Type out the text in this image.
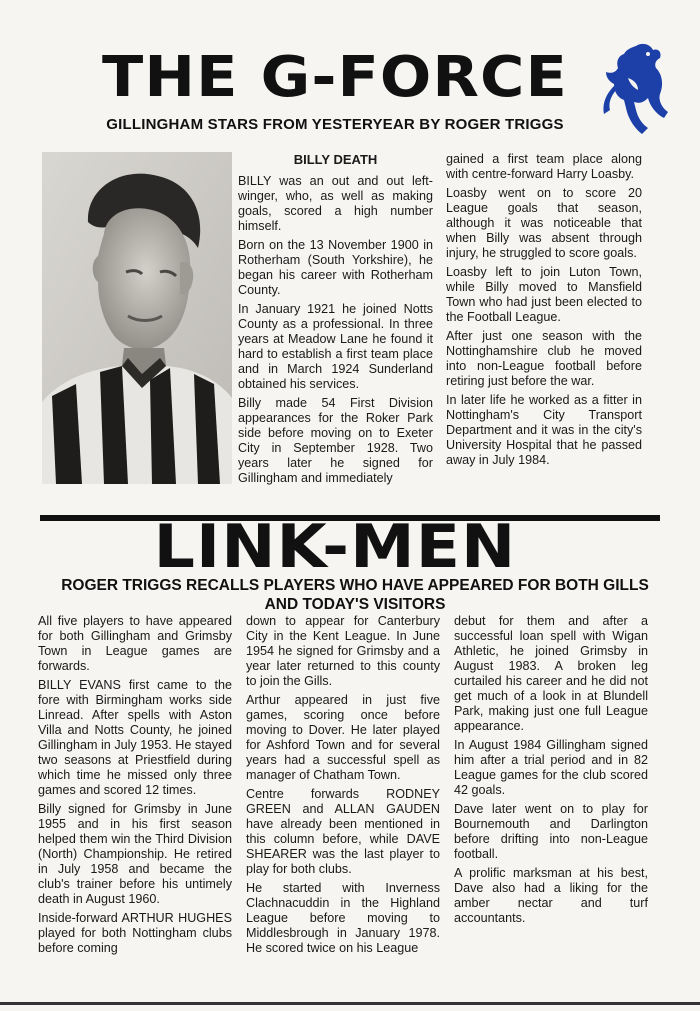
THE G-FORCE
GILLINGHAM STARS FROM YESTERYEAR BY ROGER TRIGGS
BILLY DEATH

BILLY was an out and out left-winger, who, as well as making goals, scored a high number himself.

Born on the 13 November 1900 in Rotherham (South Yorkshire), he began his career with Rotherham County.

In January 1921 he joined Notts County as a professional. In three years at Meadow Lane he found it hard to establish a first team place and in March 1924 Sunderland obtained his services.

Billy made 54 First Division appearances for the Roker Park side before moving on to Exeter City in September 1928. Two years later he signed for Gillingham and immediately

gained a first team place along with centre-forward Harry Loasby.

Loasby went on to score 20 League goals that season, although it was noticeable that when Billy was absent through injury, he struggled to score goals.

Loasby left to join Luton Town, while Billy moved to Mansfield Town who had just been elected to the Football League.

After just one season with the Nottinghamshire club he moved into non-League football before retiring just before the war.

In later life he worked as a fitter in Nottingham's City Transport Department and it was in the city's University Hospital that he passed away in July 1984.

LINK-MEN
ROGER TRIGGS RECALLS PLAYERS WHO HAVE APPEARED FOR BOTH GILLS AND TODAY'S VISITORS

All five players to have appeared for both Gillingham and Grimsby Town in League games are forwards.

BILLY EVANS first came to the fore with Birmingham works side Linread. After spells with Aston Villa and Notts County, he joined Gillingham in July 1953. He stayed two seasons at Priestfield during which time he missed only three games and scored 12 times.

Billy signed for Grimsby in June 1955 and in his first season helped them win the Third Division (North) Championship. He retired in July 1958 and became the club's trainer before his untimely death in August 1960.

Inside-forward ARTHUR HUGHES played for both Nottingham clubs before coming

down to appear for Canterbury City in the Kent League. In June 1954 he signed for Grimsby and a year later returned to this county to join the Gills.

Arthur appeared in just five games, scoring once before moving to Dover. He later played for Ashford Town and for several years had a successful spell as manager of Chatham Town.

Centre forwards RODNEY GREEN and ALLAN GAUDEN have already been mentioned in this column before, while DAVE SHEARER was the last player to play for both clubs.

He started with Inverness Clachnacuddin in the Highland League before moving to Middlesbrough in January 1978. He scored twice on his League

debut for them and after a successful loan spell with Wigan Athletic, he joined Grimsby in August 1983. A broken leg curtailed his career and he did not get much of a look in at Blundell Park, making just one full League appearance.

In August 1984 Gillingham signed him after a trial period and in 82 League games for the club scored 42 goals.

Dave later went on to play for Bournemouth and Darlington before drifting into non-League football.

A prolific marksman at his best, Dave also had a liking for the amber nectar and turf accountants.
